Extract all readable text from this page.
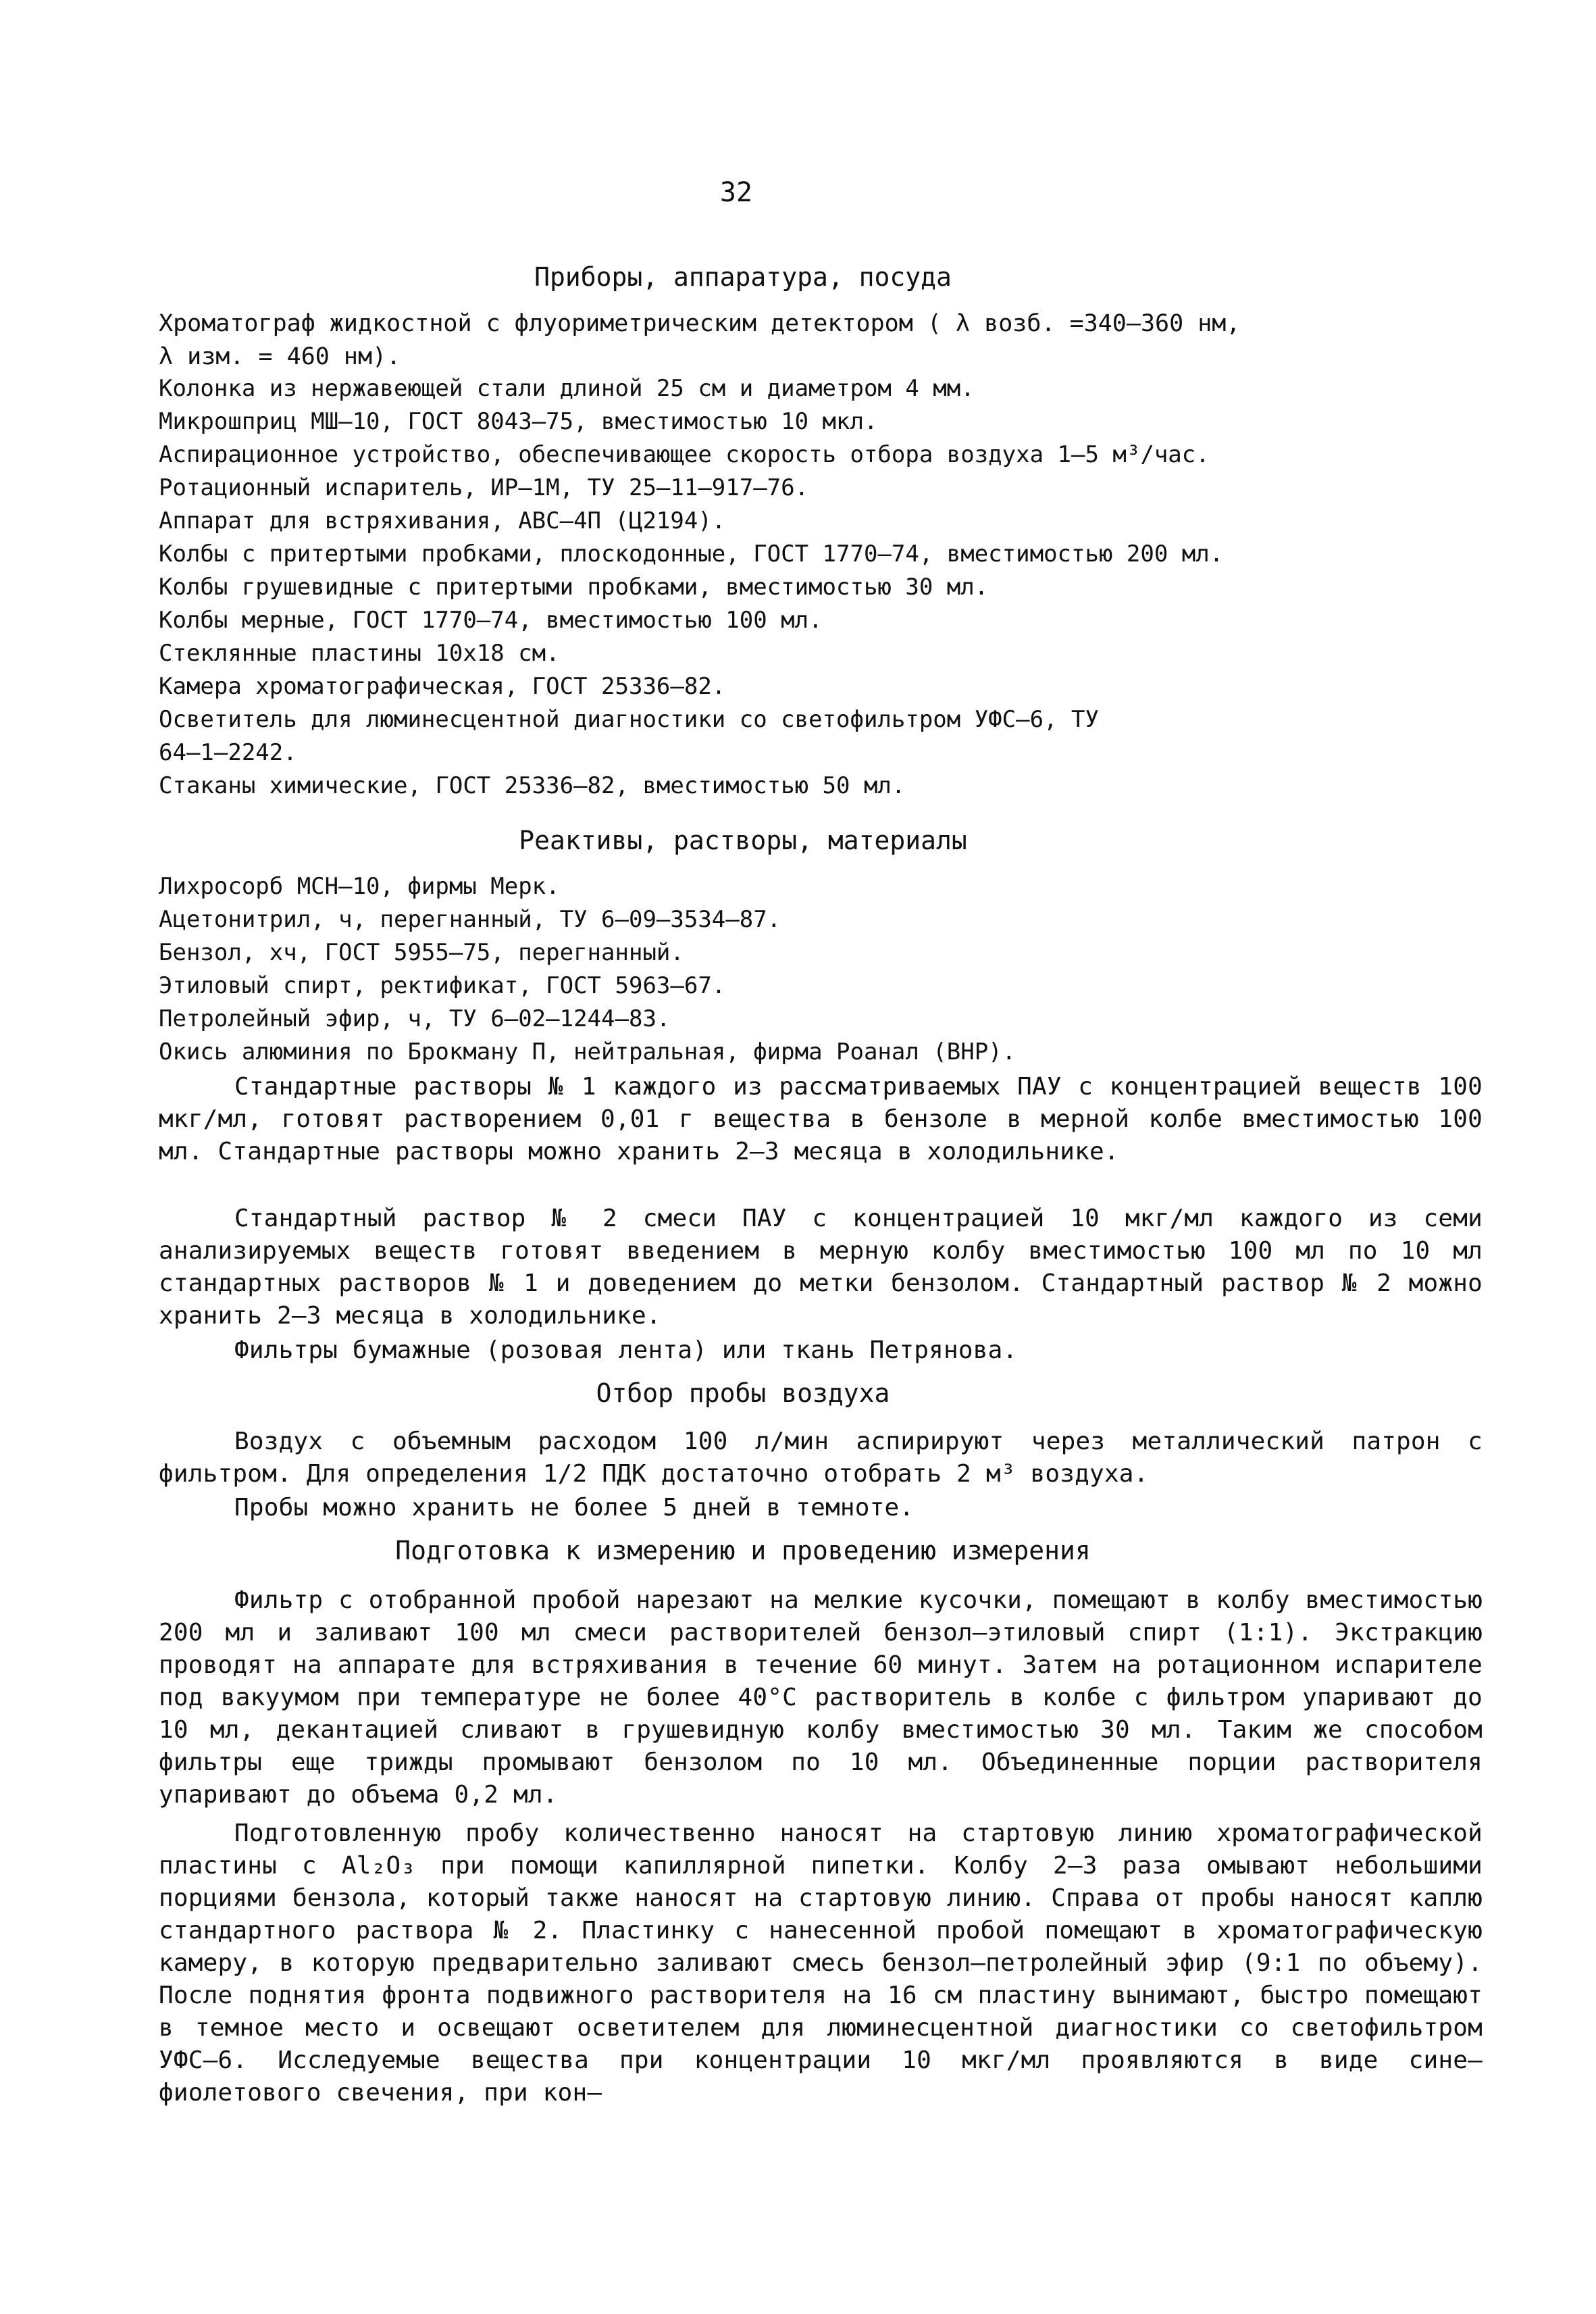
32
Приборы, аппаратура, посуда
Хроматограф жидкостной с флуориметрическим детектором ( λ возб. =340–360 нм,
λ изм. = 460 нм).
Колонка из нержавеющей стали длиной 25 см и диаметром 4 мм.
Микрошприц МШ–10, ГОСТ 8043–75, вместимостью 10 мкл.
Аспирационное устройство, обеспечивающее скорость отбора воздуха 1–5 м³/час.
Ротационный испаритель, ИР–1М, ТУ 25–11–917–76.
Аппарат для встряхивания, АВС–4П (Ц2194).
Колбы с притертыми пробками, плоскодонные, ГОСТ 1770–74, вместимостью 200 мл.
Колбы грушевидные с притертыми пробками, вместимостью 30 мл.
Колбы мерные, ГОСТ 1770–74, вместимостью 100 мл.
Стеклянные пластины 10х18 см.
Камера хроматографическая, ГОСТ 25336–82.
Осветитель для люминесцентной диагностики со светофильтром УФС–6, ТУ
64–1–2242.
Стаканы химические, ГОСТ 25336–82, вместимостью 50 мл.
Реактивы, растворы, материалы
Лихросорб МСН–10, фирмы Мерк.
Ацетонитрил, ч, перегнанный, ТУ 6–09–3534–87.
Бензол, хч, ГОСТ 5955–75, перегнанный.
Этиловый спирт, ректификат, ГОСТ 5963–67.
Петролейный эфир, ч, ТУ 6–02–1244–83.
Окись алюминия по Брокману П, нейтральная, фирма Роанал (ВНР).
Стандартные растворы № 1 каждого из рассматриваемых ПАУ с концентрацией веществ 100 мкг/мл, готовят растворением 0,01 г вещества в бензоле в мерной колбе вместимостью 100 мл. Стандартные растворы можно хранить 2–3 месяца в холодильнике.
Стандартный раствор № 2 смеси ПАУ с концентрацией 10 мкг/мл каждого из семи анализируемых веществ готовят введением в мерную колбу вместимостью 100 мл по 10 мл стандартных растворов № 1 и доведением до метки бензолом. Стандартный раствор № 2 можно хранить 2–3 месяца в холодильнике.
Фильтры бумажные (розовая лента) или ткань Петрянова.
Отбор пробы воздуха
Воздух с объемным расходом 100 л/мин аспирируют через металлический патрон с фильтром. Для определения 1/2 ПДК достаточно отобрать 2 м³ воздуха.
Пробы можно хранить не более 5 дней в темноте.
Подготовка к измерению и проведению измерения
Фильтр с отобранной пробой нарезают на мелкие кусочки, помещают в колбу вместимостью 200 мл и заливают 100 мл смеси растворителей бензол–этиловый спирт (1:1). Экстракцию проводят на аппарате для встряхивания в течение 60 минут. Затем на ротационном испарителе под вакуумом при температуре не более 40°С растворитель в колбе с фильтром упаривают до 10 мл, декантацией сливают в грушевидную колбу вместимостью 30 мл. Таким же способом фильтры еще трижды промывают бензолом по 10 мл. Объединенные порции растворителя упаривают до объема 0,2 мл.
Подготовленную пробу количественно наносят на стартовую линию хроматографической пластины с Al₂O₃ при помощи капиллярной пипетки. Колбу 2–3 раза омывают небольшими порциями бензола, который также наносят на стартовую линию. Справа от пробы наносят каплю стандартного раствора № 2. Пластинку с нанесенной пробой помещают в хроматографическую камеру, в которую предварительно заливают смесь бензол–петролейный эфир (9:1 по объему). После поднятия фронта подвижного растворителя на 16 см пластину вынимают, быстро помещают в темное место и освещают осветителем для люминесцентной диагностики со светофильтром УФС–6. Исследуемые вещества при концентрации 10 мкг/мл проявляются в виде сине–фиолетового свечения, при кон–
